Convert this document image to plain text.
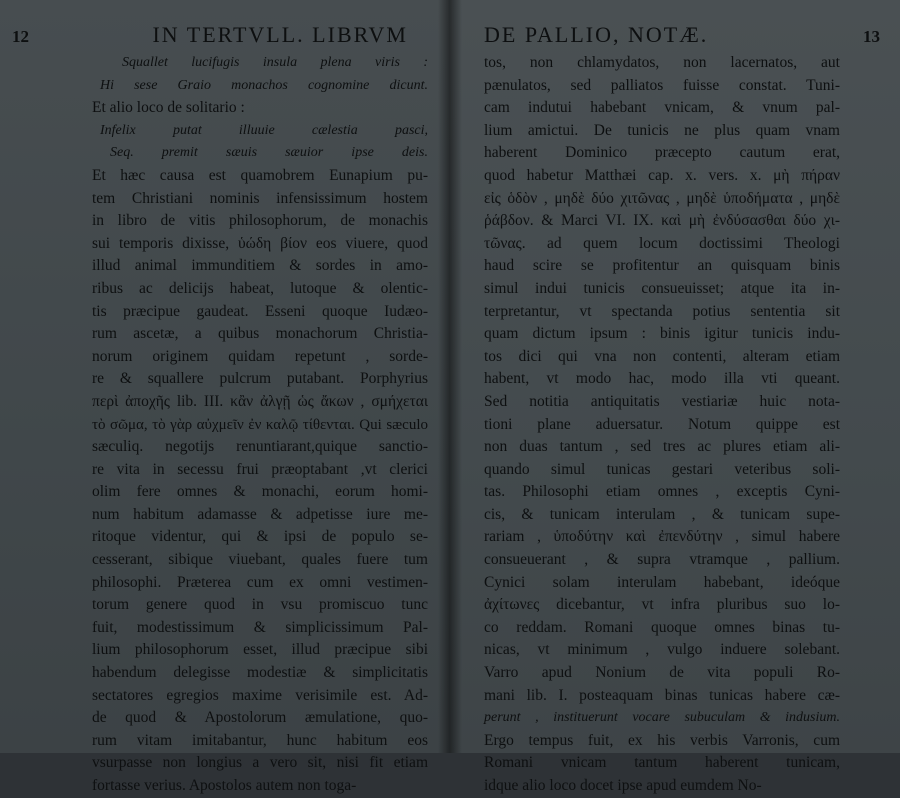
12	IN TERTVLL. LIBRVM
Squallet lucifugis insula plena viris :
Hi sese Graio monachos cognomine dicunt.
Et alio loco de solitario :
Infelix putat illuuie cælestia pasci,
Seq. premit sæuis sæuior ipse deis.
Et hæc causa est quamobrem Eunapium pu-
tem Christiani nominis infensissimum hostem
in libro de vitis philosophorum, de monachis
sui temporis dixisse, ὑώδη βίον eos viuere, quod
illud animal immunditiem & sordes in amo-
ribus ac delicijs habeat, lutoque & olentic-
tis præcipue gaudeat. Esseni quoque Iudæo-
rum ascetæ, a quibus monachorum Christia-
norum originem quidam repetunt , sorde-
re & squallere pulcrum putabant. Porphyrius
περὶ ἀποχῆς lib. III. κἂν ἀλγῇ ὡς ἄκων , σμήχεται
τὸ σῶμα, τὸ γὰρ αὐχμεῖν ἐν καλῷ τίθενται. Qui sæculo
sæculiq. negotijs renuntiarant,quique sanctio-
re vita in secessu frui præoptabant ,vt clerici
olim fere omnes & monachi, eorum homi-
num habitum adamasse & adpetisse iure me-
ritoque videntur, qui & ipsi de populo se-
cesserant, sibique viuebant, quales fuere tum
philosophi. Præterea cum ex omni vestimen-
torum genere quod in vsu promiscuo tunc
fuit, modestissimum & simplicissimum Pal-
lium philosophorum esset, illud præcipue sibi
habendum delegisse modestiæ & simplicitatis
sectatores egregios maxime verisimile est. Ad-
de quod & Apostolorum æmulatione, quo-
rum vitam imitabantur, hunc habitum eos
vsurpasse non longius a vero sit, nisi fit etiam
fortasse verius. Apostolos autem non toga-
DE PALLIO, NOTÆ.	13
tos, non chlamydatos, non lacernatos, aut
pænulatos, sed palliatos fuisse constat. Tuni-
cam indutui habebant vnicam, & vnum pal-
lium amictui. De tunicis ne plus quam vnam
haberent Dominico præcepto cautum erat,
quod habetur Matthæi cap. x. vers. x. μὴ πήραν
εἰς ὁδὸν , μηδὲ δύο χιτῶνας , μηδὲ ὑποδήματα , μηδὲ
ῥάβδον. & Marci VI. IX. καὶ μὴ ἐνδύσασθαι δύο χι-
τῶνας. ad quem locum doctissimi Theologi
haud scire se profitentur an quisquam binis
simul indui tunicis consueuisset; atque ita in-
terpretantur, vt spectanda potius sententia sit
quam dictum ipsum : binis igitur tunicis indu-
tos dici qui vna non contenti, alteram etiam
habent, vt modo hac, modo illa vti queant.
Sed notitia antiquitatis vestiariæ huic nota-
tioni plane aduersatur. Notum quippe est
non duas tantum , sed tres ac plures etiam ali-
quando simul tunicas gestari veteribus soli-
tas. Philosophi etiam omnes , exceptis Cyni-
cis, & tunicam interulam , & tunicam supe-
rariam , ὑποδύτην καὶ ἐπενδύτην , simul habere
consueuerant , & supra vtramque , pallium.
Cynici solam interulam habebant, ideóque
ἀχίτωνες dicebantur, vt infra pluribus suo lo-
co reddam. Romani quoque omnes binas tu-
nicas, vt minimum , vulgo induere solebant.
Varro apud Nonium de vita populi Ro-
mani lib. I. posteaquam binas tunicas habere cæ-
perunt , instituerunt vocare subuculam & indusium.
Ergo tempus fuit, ex his verbis Varronis, cum
Romani vnicam tantum haberent tunicam,
idque alio loco docet ipse apud eumdem No-
